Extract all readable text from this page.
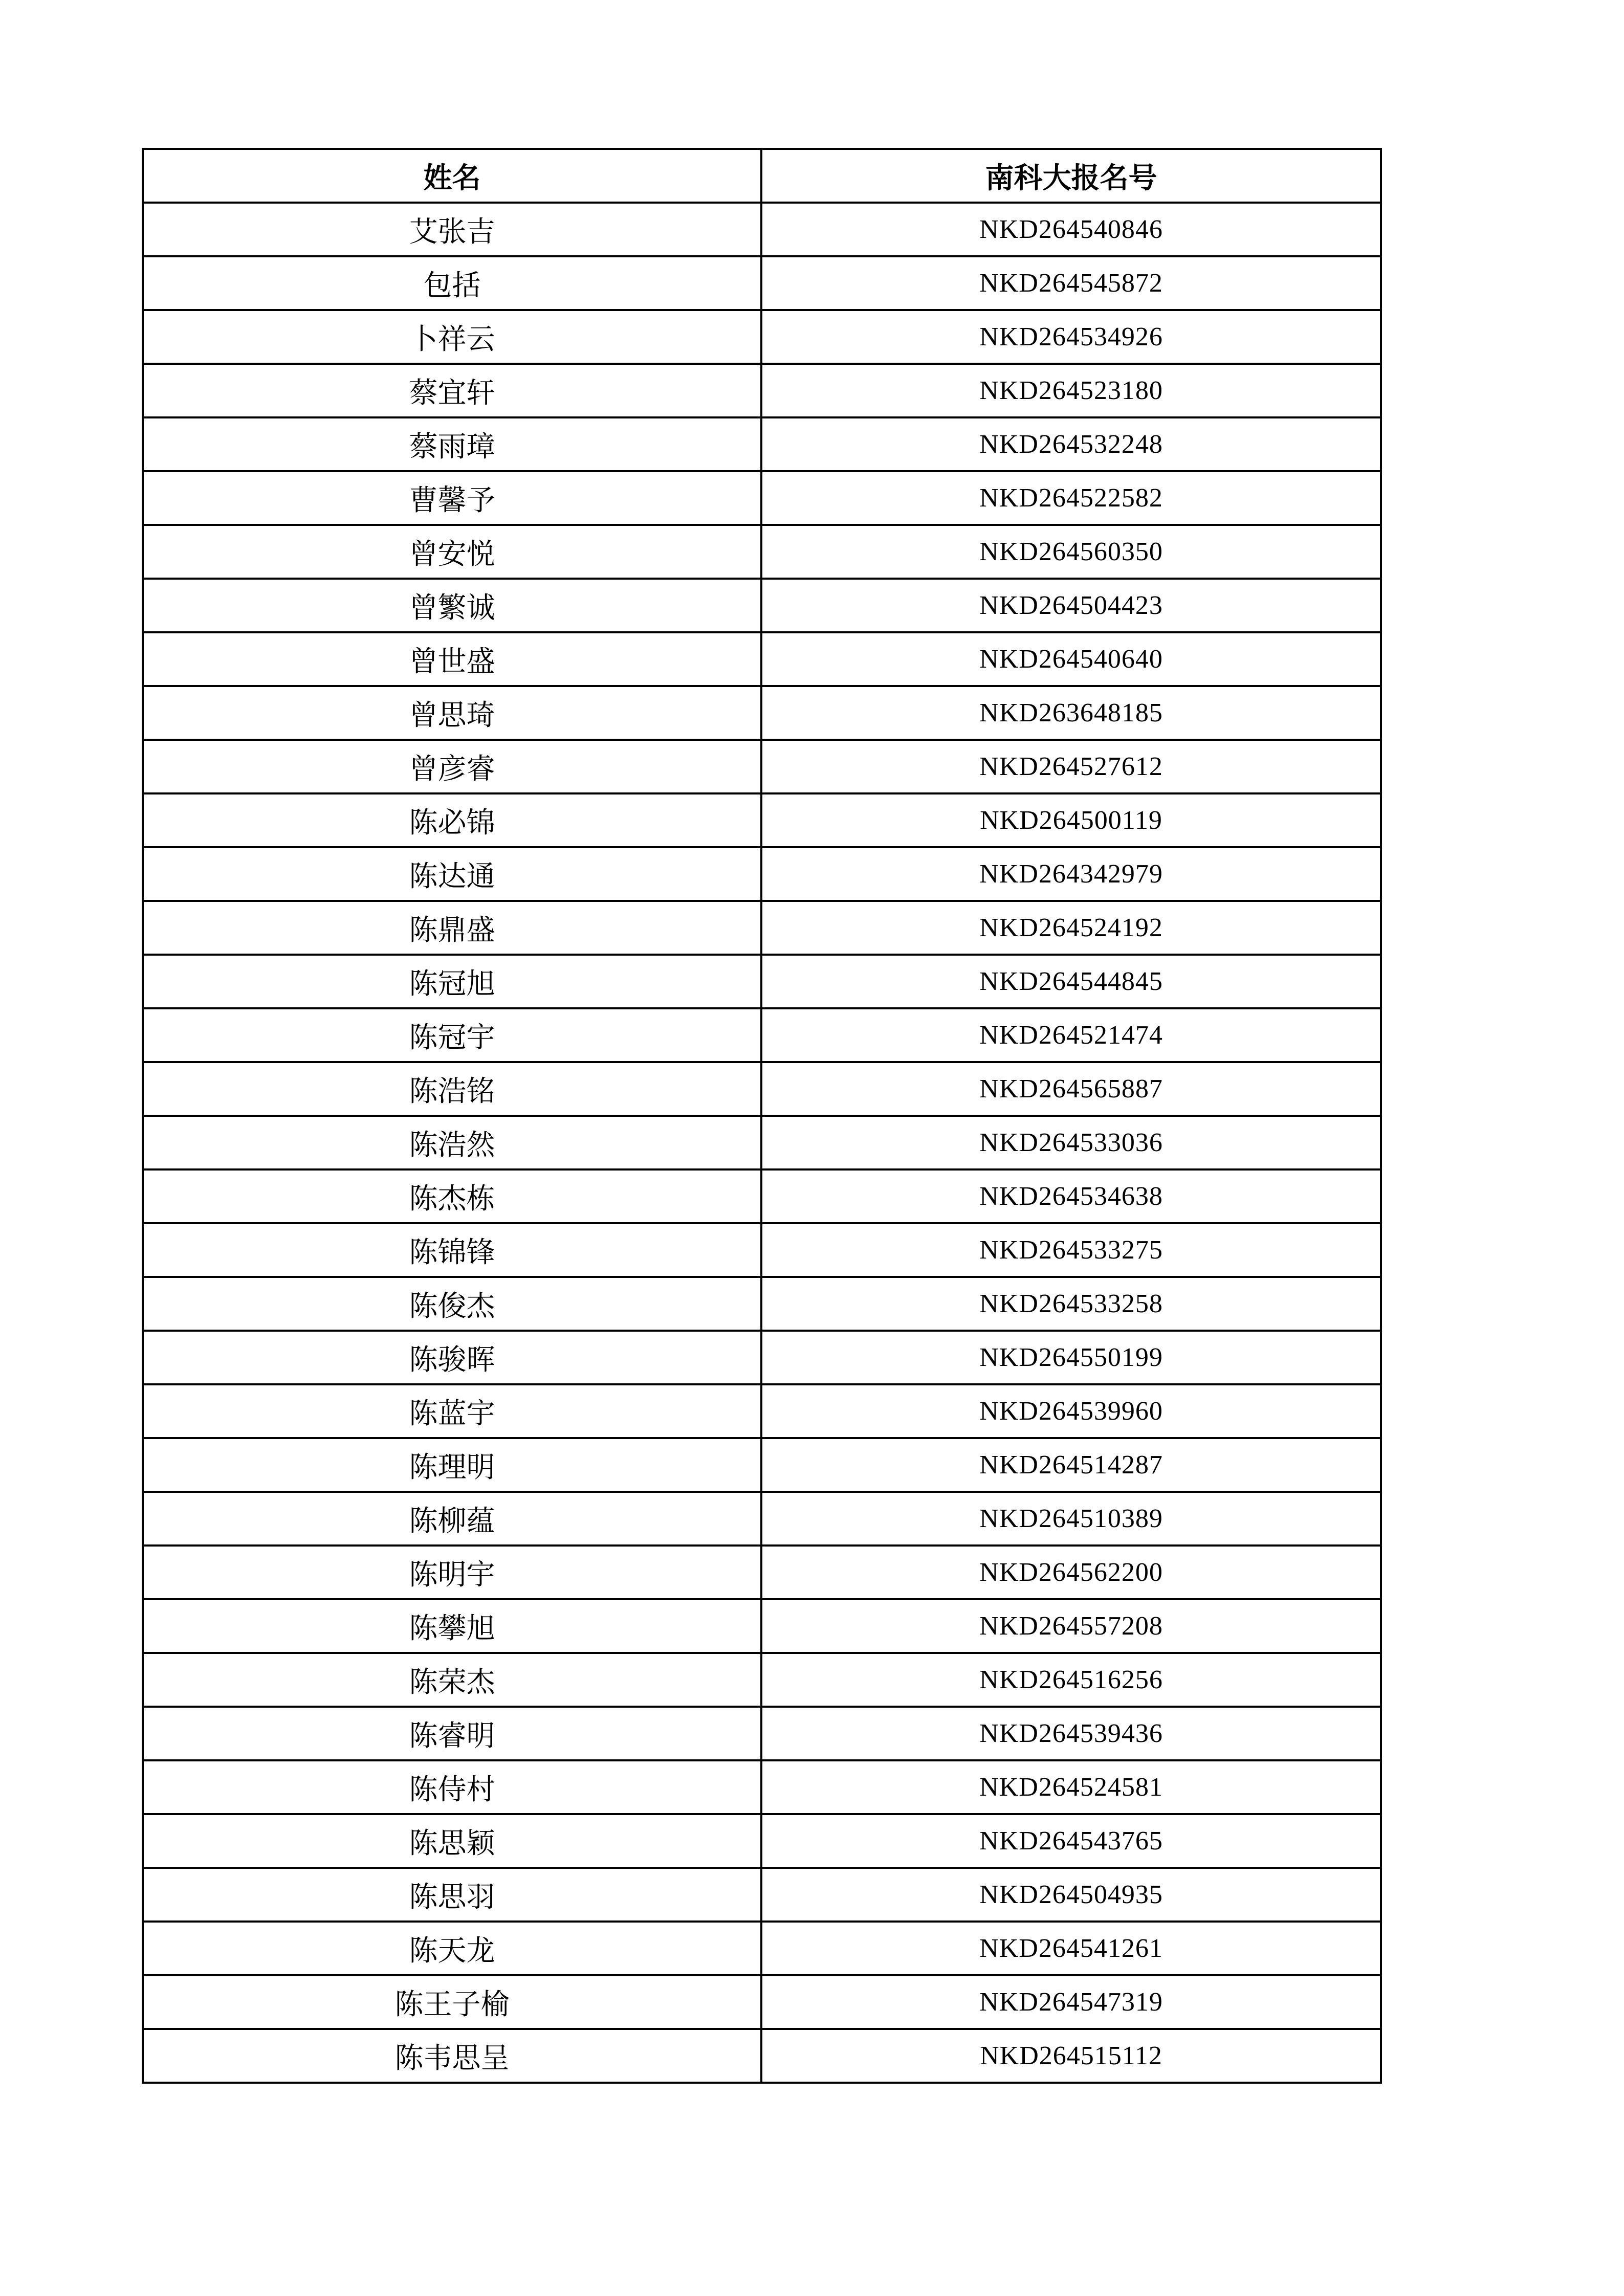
姓名	南科大报名号
艾张吉	NKD264540846
包括	NKD264545872
卜祥云	NKD264534926
蔡宜轩	NKD264523180
蔡雨璋	NKD264532248
曹馨予	NKD264522582
曾安悦	NKD264560350
曾繁诚	NKD264504423
曾世盛	NKD264540640
曾思琦	NKD263648185
曾彦睿	NKD264527612
陈必锦	NKD264500119
陈达通	NKD264342979
陈鼎盛	NKD264524192
陈冠旭	NKD264544845
陈冠宇	NKD264521474
陈浩铭	NKD264565887
陈浩然	NKD264533036
陈杰栋	NKD264534638
陈锦锋	NKD264533275
陈俊杰	NKD264533258
陈骏晖	NKD264550199
陈蓝宇	NKD264539960
陈理明	NKD264514287
陈柳蕴	NKD264510389
陈明宇	NKD264562200
陈攀旭	NKD264557208
陈荣杰	NKD264516256
陈睿明	NKD264539436
陈侍村	NKD264524581
陈思颖	NKD264543765
陈思羽	NKD264504935
陈天龙	NKD264541261
陈王子榆	NKD264547319
陈韦思呈	NKD264515112
